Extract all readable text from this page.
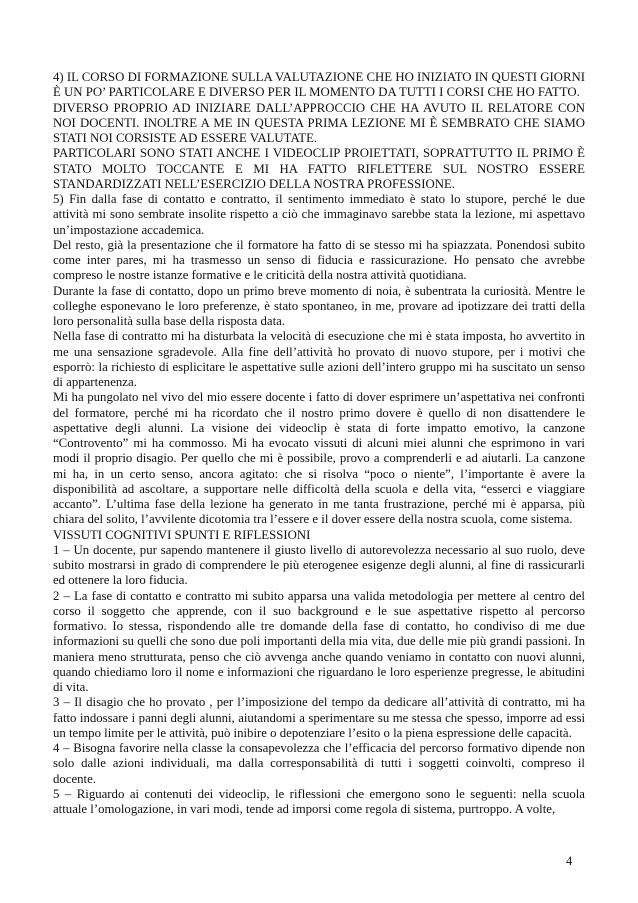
4) IL CORSO DI FORMAZIONE SULLA VALUTAZIONE CHE HO INIZIATO IN QUESTI GIORNI È UN PO’ PARTICOLARE E DIVERSO PER IL MOMENTO DA TUTTI I CORSI CHE HO FATTO.

DIVERSO PROPRIO AD INIZIARE DALL’APPROCCIO CHE HA AVUTO IL RELATORE CON NOI DOCENTI. INOLTRE A ME IN QUESTA PRIMA LEZIONE MI È SEMBRATO CHE SIAMO STATI NOI CORSISTE AD ESSERE VALUTATE.

PARTICOLARI SONO STATI ANCHE I VIDEOCLIP PROIETTATI, SOPRATTUTTO IL PRIMO È STATO MOLTO TOCCANTE E MI HA FATTO RIFLETTERE SUL NOSTRO ESSERE STANDARDIZZATI NELL’ESERCIZIO DELLA NOSTRA PROFESSIONE.

5) Fin dalla fase di contatto e contratto, il sentimento immediato è stato lo stupore, perché le due attività mi sono sembrate insolite rispetto a ciò che immaginavo sarebbe stata la lezione, mi aspettavo un’impostazione accademica.

Del resto, già la presentazione che il formatore ha fatto di se stesso mi ha spiazzata. Ponendosi subito come inter pares, mi ha trasmesso un senso di fiducia e rassicurazione. Ho pensato che avrebbe compreso le nostre istanze formative e le criticità della nostra attività quotidiana.

Durante la fase di contatto, dopo un primo breve momento di noia, è subentrata la curiosità. Mentre le colleghe esponevano le loro preferenze, è stato spontaneo, in me, provare ad ipotizzare dei tratti della loro personalità sulla base della risposta data.

Nella fase di contratto mi ha disturbata la velocità di esecuzione che mi è stata imposta, ho avvertito in me una sensazione sgradevole. Alla fine dell’attività ho provato di nuovo stupore, per i motivi che esporrò: la richiesto di esplicitare le aspettative sulle azioni dell’intero gruppo mi ha suscitato un senso di appartenenza.

Mi ha pungolato nel vivo del mio essere docente i fatto di dover esprimere un’aspettativa nei confronti del formatore, perché mi ha ricordato che il nostro primo dovere è quello di non disattendere le aspettative degli alunni. La visione dei videoclip è stata di forte impatto emotivo, la canzone “Controvento” mi ha commosso. Mi ha evocato vissuti di alcuni miei alunni che esprimono in vari modi il proprio disagio. Per quello che mi è possibile, provo a comprenderli e ad aiutarli. La canzone mi ha, in un certo senso, ancora agitato: che si risolva “poco o niente”, l’importante è avere la disponibilità ad ascoltare, a supportare nelle difficoltà della scuola e della vita, “esserci e viaggiare accanto”. L’ultima fase della lezione ha generato in me tanta frustrazione, perché mi è apparsa, più chiara del solito, l’avvilente dicotomia tra l’essere e il dover essere della nostra scuola, come sistema.

VISSUTI COGNITIVI SPUNTI E RIFLESSIONI

1 – Un docente, pur sapendo mantenere il giusto livello di autorevolezza necessario al suo ruolo, deve subito mostrarsi in grado di comprendere le più eterogenee esigenze degli alunni, al fine di rassicurarli ed ottenere la loro fiducia.

2 – La fase di contatto e contratto mi subito apparsa una valida metodologia per mettere al centro del corso il soggetto che apprende, con il suo background e le sue aspettative rispetto al percorso formativo. Io stessa, rispondendo alle tre domande della fase di contatto, ho condiviso di me due informazioni su quelli che sono due poli importanti della mia vita, due delle mie più grandi passioni. In maniera meno strutturata, penso che ciò avvenga anche quando veniamo in contatto con nuovi alunni, quando chiediamo loro il nome e informazioni che riguardano le loro esperienze pregresse, le abitudini di vita.

3 – Il disagio che ho provato , per l’imposizione del tempo da dedicare all’attività di contratto, mi ha fatto indossare i panni degli alunni, aiutandomi a sperimentare su me stessa che spesso, imporre ad essi un tempo limite per le attività, può inibire o depotenziare l’esito o la piena espressione delle capacità.

4 – Bisogna favorire nella classe la consapevolezza che l’efficacia del percorso formativo dipende non solo dalle azioni individuali, ma dalla corresponsabilità di tutti i soggetti coinvolti, compreso il docente.

5 – Riguardo ai contenuti dei videoclip, le riflessioni che emergono sono le seguenti: nella scuola attuale l’omologazione, in vari modi, tende ad imporsi come regola di sistema, purtroppo. A volte,

4
